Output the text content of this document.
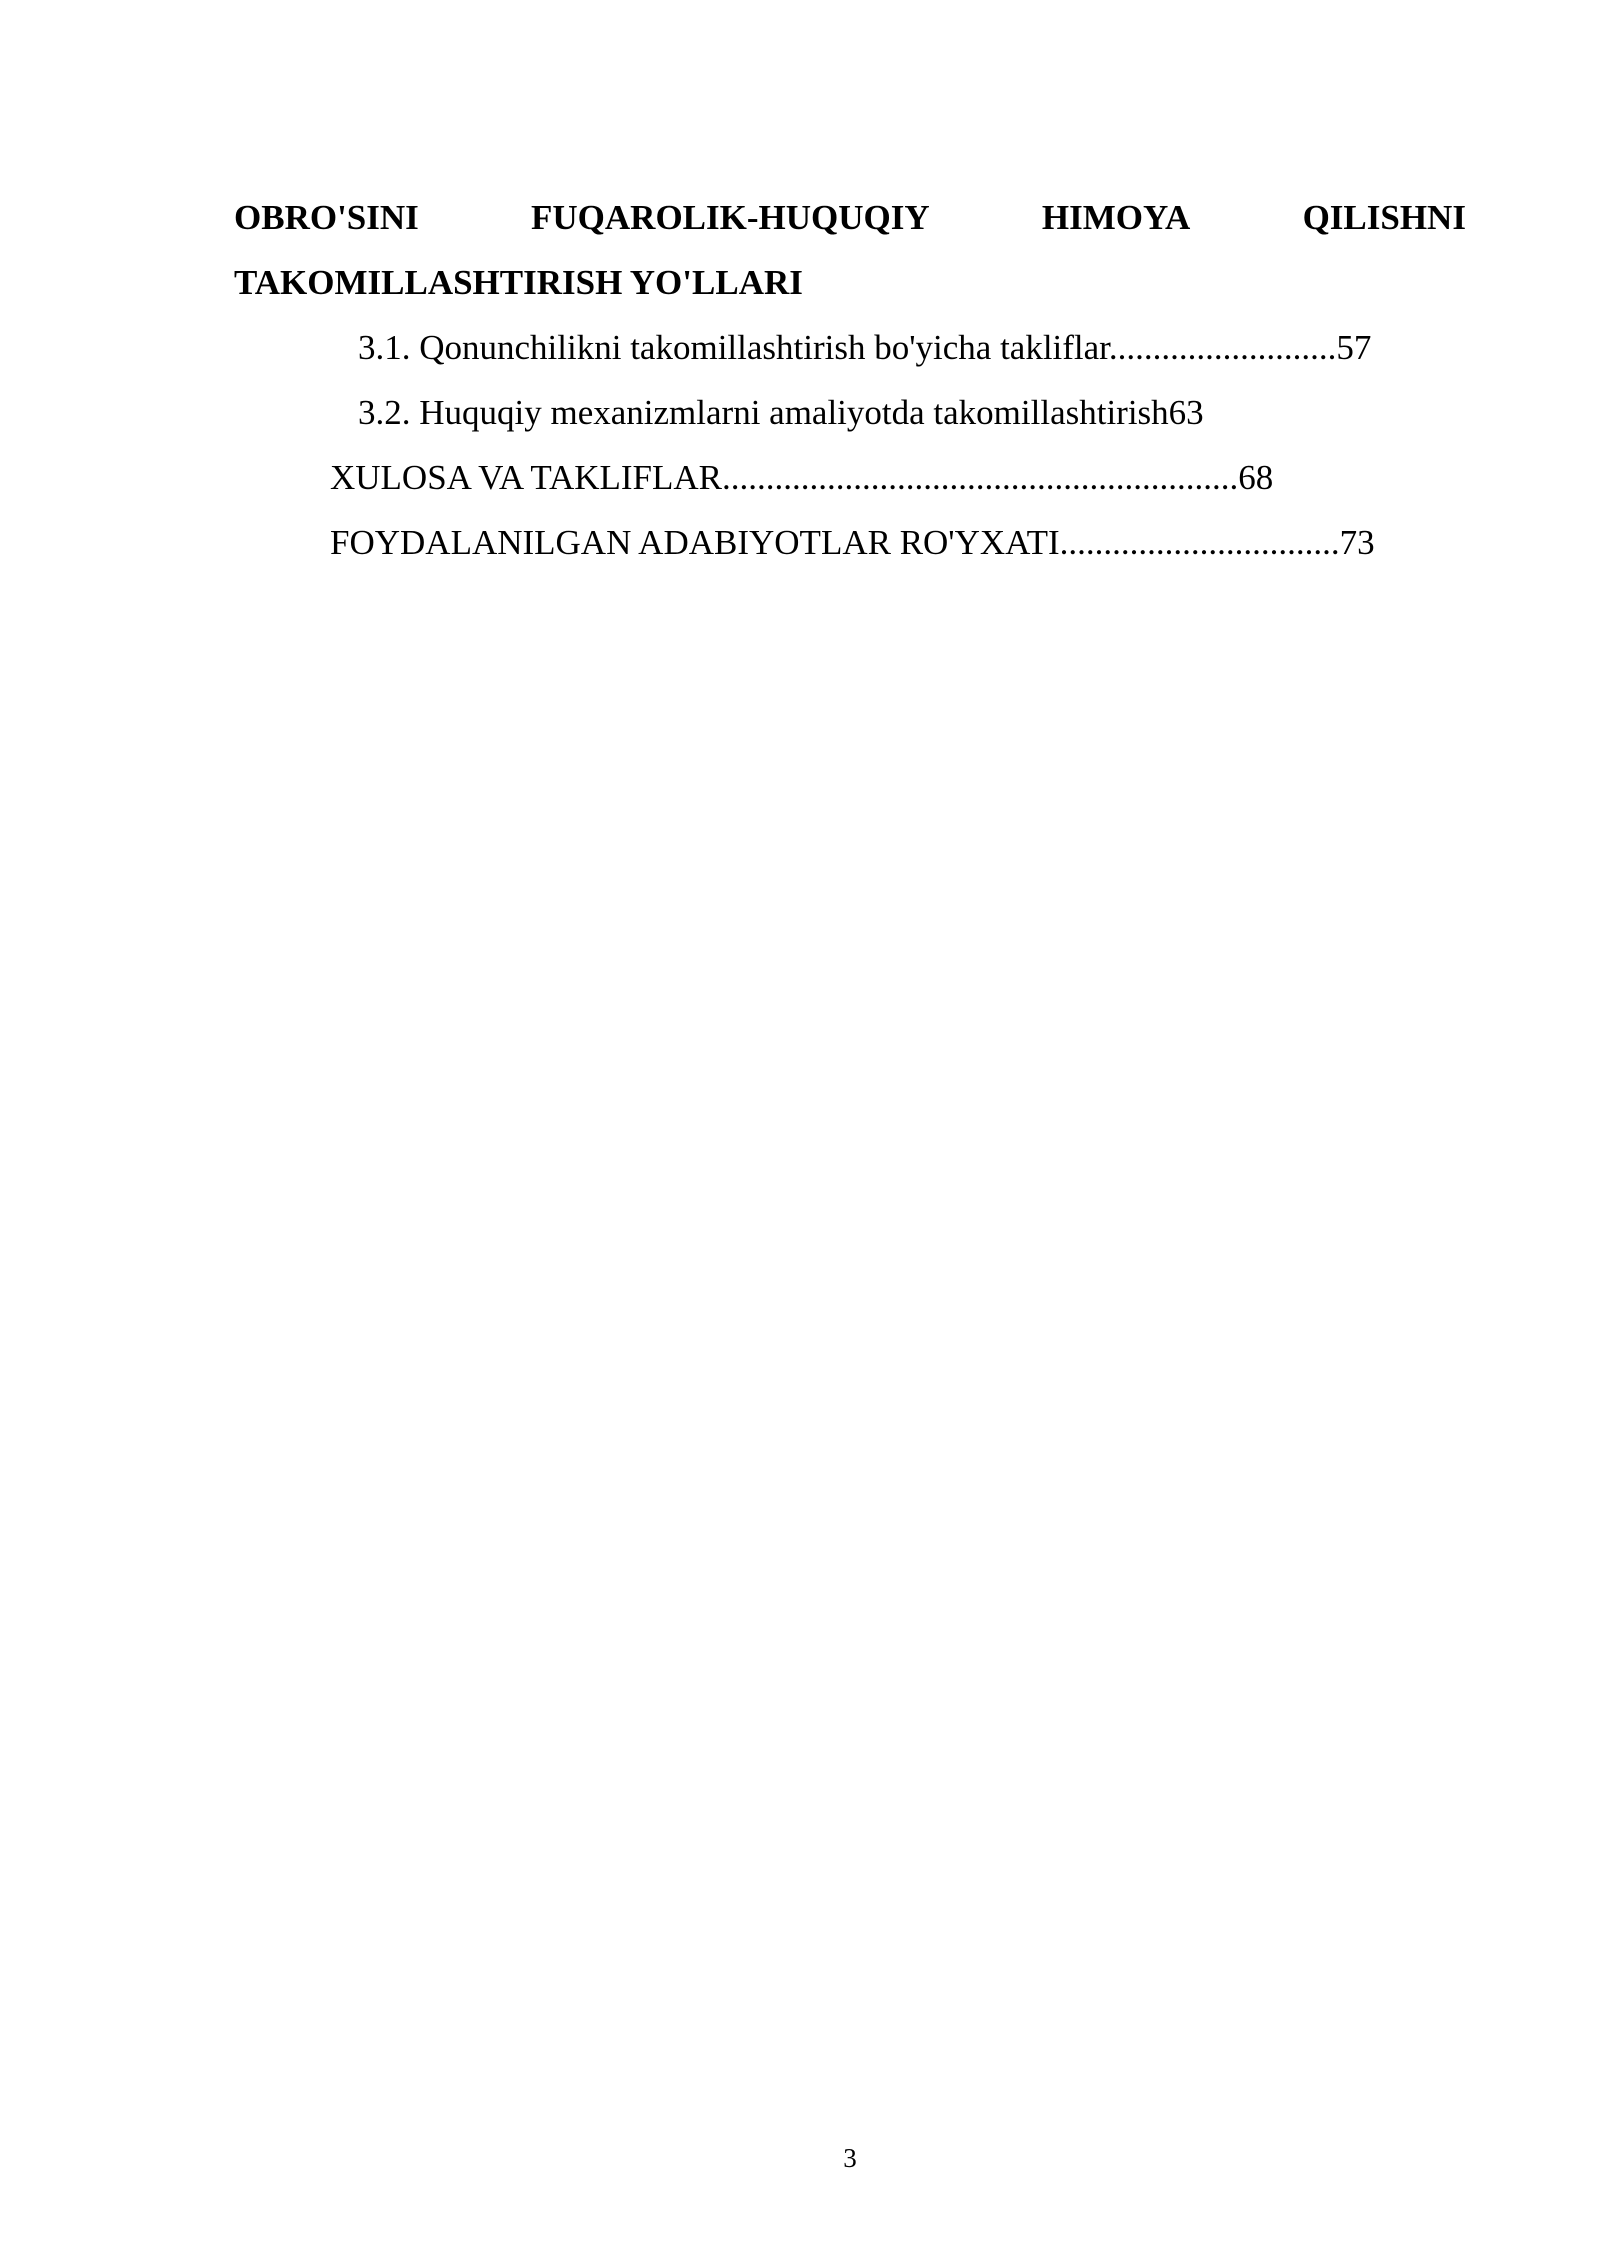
OBRO'SINI	FUQAROLIK-HUQUQIY	HIMOYA	QILISHNI
TAKOMILLASHTIRISH YO'LLARI
3.1. Qonunchilikni takomillashtirish bo'yicha takliflar..........................57
3.2. Huquqiy mexanizmlarni amaliyotda takomillashtirish63
XULOSA VA TAKLIFLAR...........................................................68
FOYDALANILGAN ADABIYOTLAR RO'YXATI................................73
3
